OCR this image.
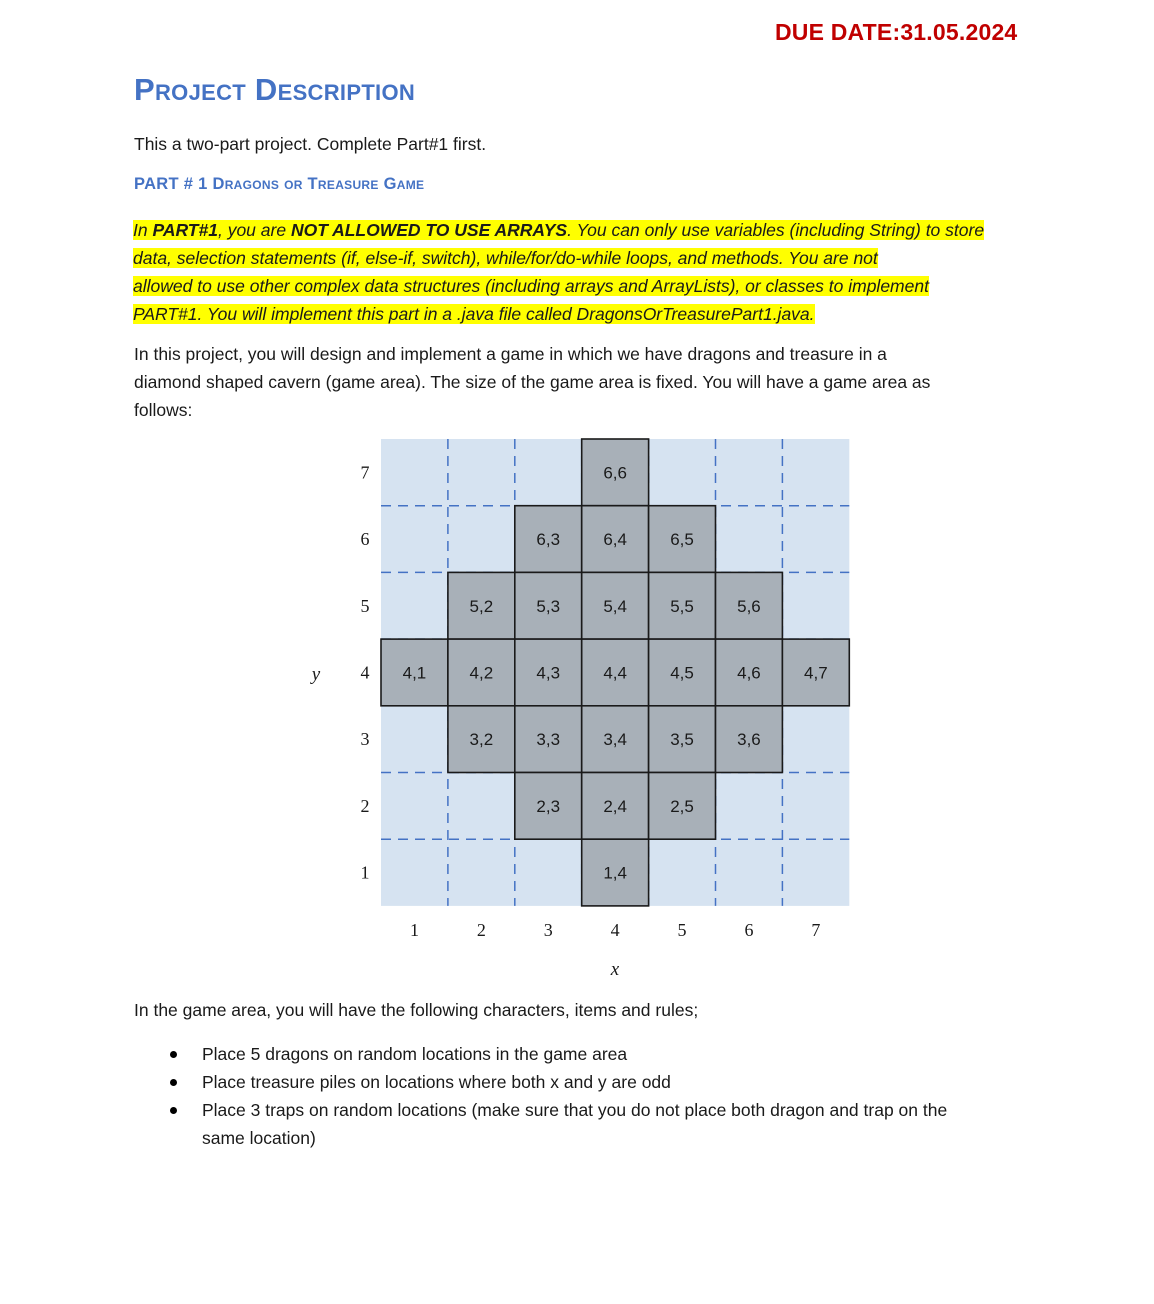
DUE DATE:31.05.2024
Project Description
This a two-part project. Complete Part#1 first.
PART # 1 Dragons or Treasure Game
In PART#1, you are NOT ALLOWED TO USE ARRAYS. You can only use variables (including String) to store
data, selection statements (if, else-if, switch), while/for/do-while loops, and methods. You are not
allowed to use other complex data structures (including arrays and ArrayLists), or classes to implement
PART#1. You will implement this part in a .java file called DragonsOrTreasurePart1.java.
In this project, you will design and implement a game in which we have dragons and treasure in a
diamond shaped cavern (game area). The size of the game area is fixed. You will have a game area as
follows:
6,6
6,3	6,4	6,5
5,2	5,3	5,4	5,5	5,6
4,1	4,2	4,3	4,4	4,5	4,6	4,7
3,2	3,3	3,4	3,5	3,6
2,3	2,4	2,5
1,4
1	2	3	4	5	6	7
7
6
5
4
3
2
1
x
y
In the game area, you will have the following characters, items and rules;
Place 5 dragons on random locations in the game area
Place treasure piles on locations where both x and y are odd
Place 3 traps on random locations (make sure that you do not place both dragon and trap on the
same location)
